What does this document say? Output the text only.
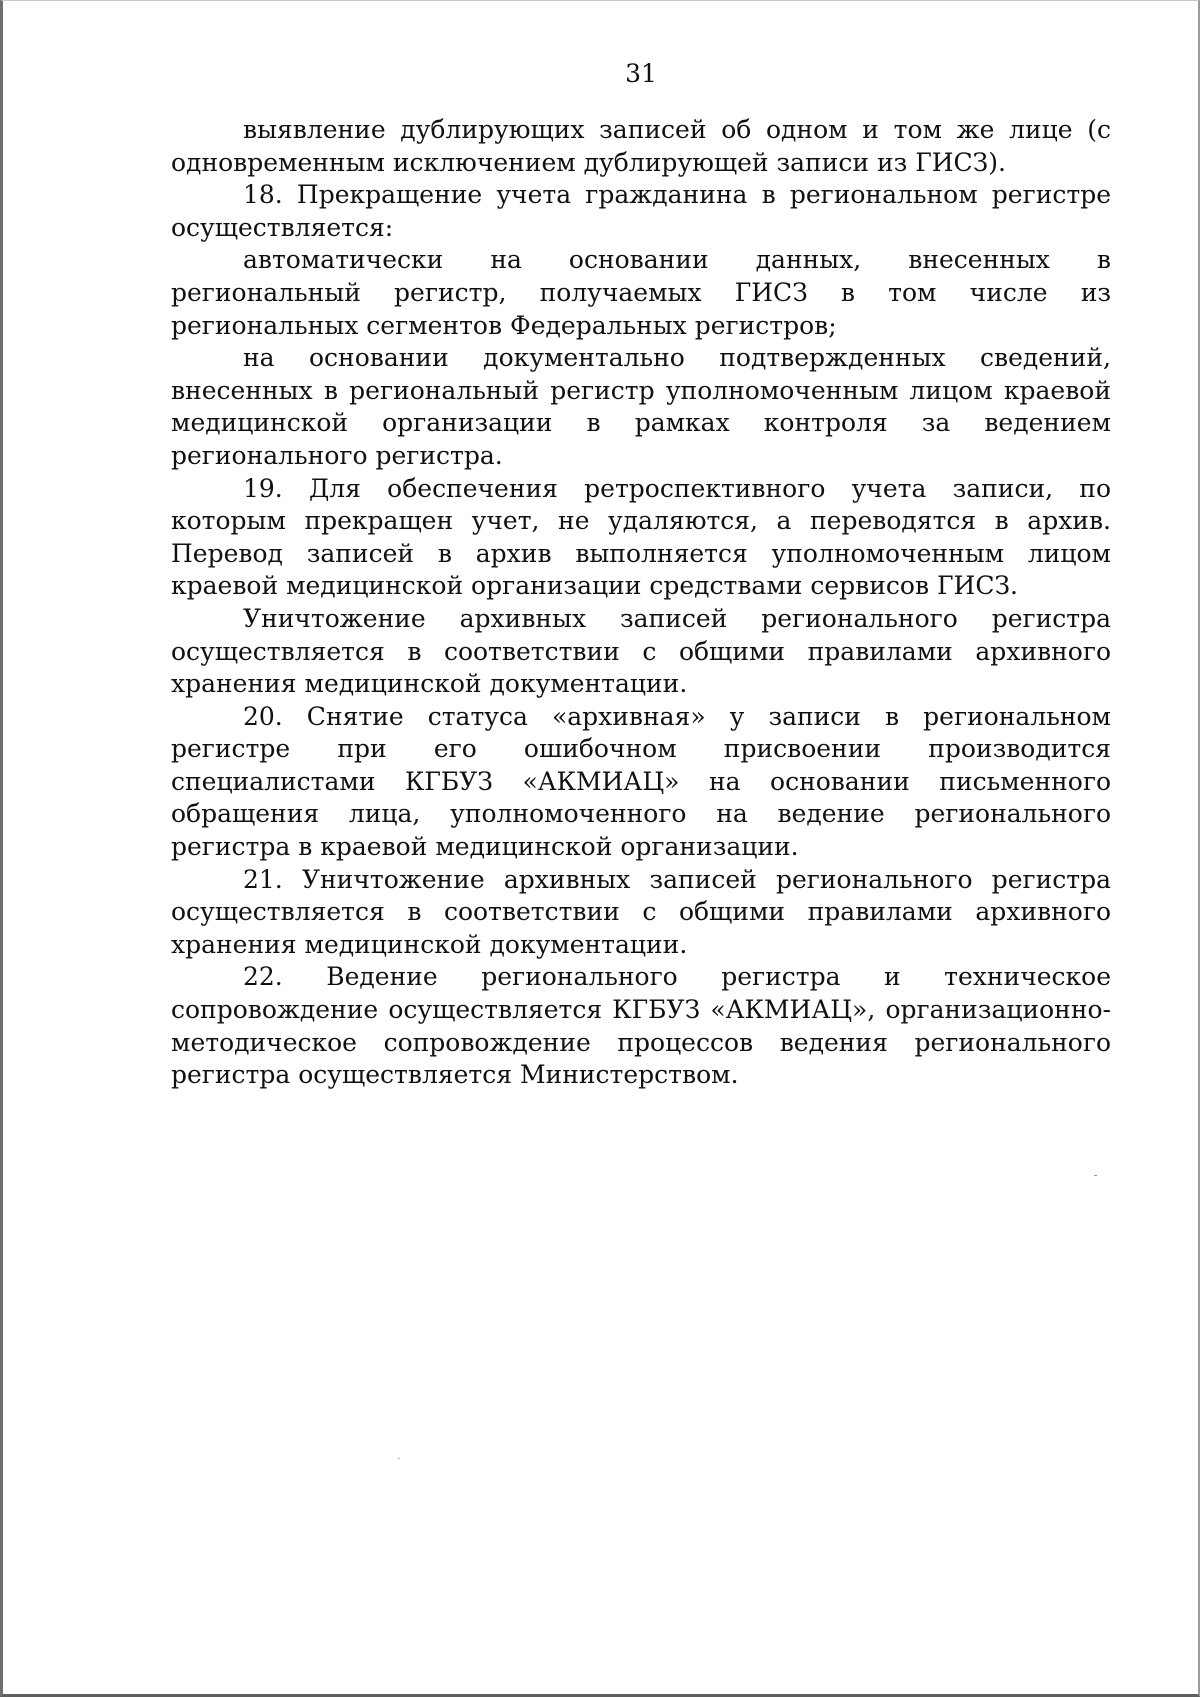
31

выявление дублирующих записей об одном и том же лице (с одновременным исключением дублирующей записи из ГИСЗ).

18. Прекращение учета гражданина в региональном регистре осуществляется:

автоматически на основании данных, внесенных в региональный регистр, получаемых ГИСЗ в том числе из региональных сегментов Федеральных регистров;

на основании документально подтвержденных сведений, внесенных в региональный регистр уполномоченным лицом краевой медицинской организации в рамках контроля за ведением регионального регистра.

19. Для обеспечения ретроспективного учета записи, по которым прекращен учет, не удаляются, а переводятся в архив. Перевод записей в архив выполняется уполномоченным лицом краевой медицинской организации средствами сервисов ГИСЗ.

Уничтожение архивных записей регионального регистра осуществляется в соответствии с общими правилами архивного хранения медицинской документации.

20. Снятие статуса «архивная» у записи в региональном регистре при его ошибочном присвоении производится специалистами КГБУЗ «АКМИАЦ» на основании письменного обращения лица, уполномоченного на ведение регионального регистра в краевой медицинской организации.

21. Уничтожение архивных записей регионального регистра осуществляется в соответствии с общими правилами архивного хранения медицинской документации.

22. Ведение регионального регистра и техническое сопровождение осуществляется КГБУЗ «АКМИАЦ», организационно-методическое сопровождение процессов ведения регионального регистра осуществляется Министерством.
